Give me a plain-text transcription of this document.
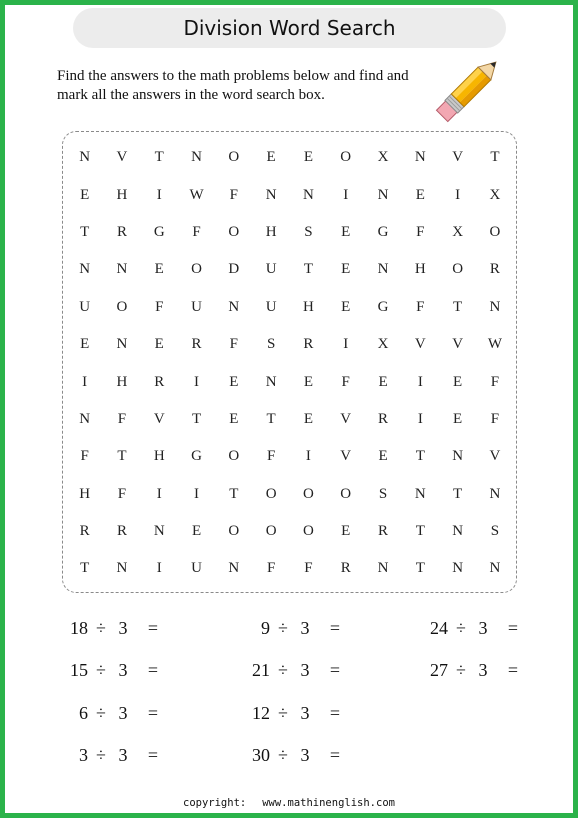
Division Word Search
Find the answers to the math problems below and find and mark all the answers in the word search box.
N	V	T	N	O	E	E	O	X	N	V	T
E	H	I	W	F	N	N	I	N	E	I	X
T	R	G	F	O	H	S	E	G	F	X	O
N	N	E	O	D	U	T	E	N	H	O	R
U	O	F	U	N	U	H	E	G	F	T	N
E	N	E	R	F	S	R	I	X	V	V	W
I	H	R	I	E	N	E	F	E	I	E	F
N	F	V	T	E	T	E	V	R	I	E	F
F	T	H	G	O	F	I	V	E	T	N	V
H	F	I	I	T	O	O	O	S	N	T	N
R	R	N	E	O	O	O	E	R	T	N	S
T	N	I	U	N	F	F	R	N	T	N	N
18 ÷ 3	=	9 ÷ 3	=	24 ÷ 3	=
15 ÷ 3	=	21 ÷ 3	=	27 ÷ 3	=
6 ÷ 3	=	12 ÷ 3	=
3 ÷ 3	=	30 ÷ 3	=
copyright: www.mathinenglish.com
